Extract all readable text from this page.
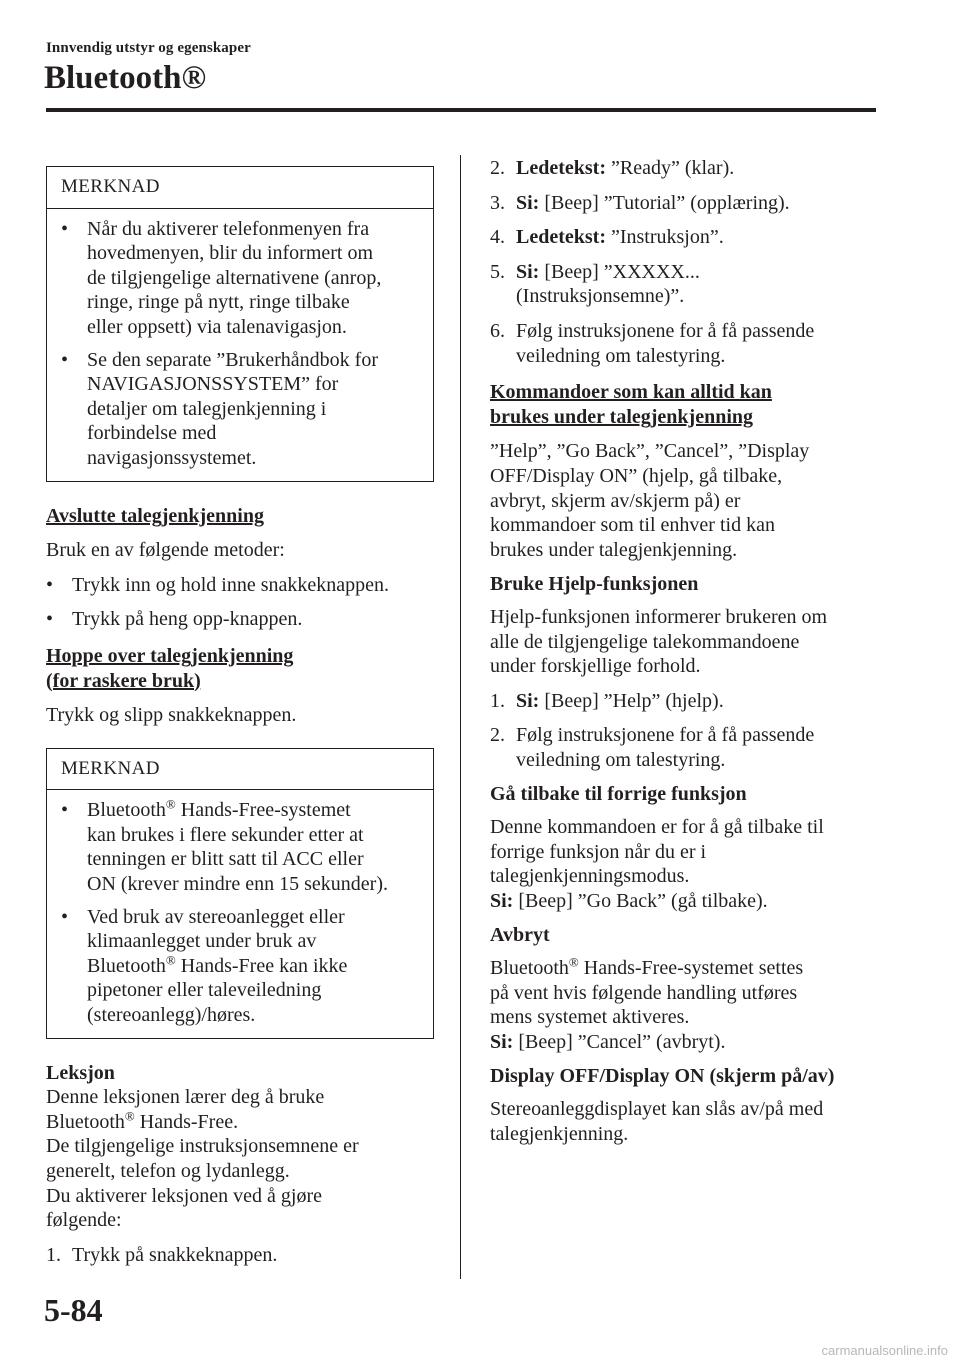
Innvendig utstyr og egenskaper
Bluetooth®
MERKNAD
• Når du aktiverer telefonmenyen fra
hovedmenyen, blir du informert om
de tilgjengelige alternativene (anrop,
ringe, ringe på nytt, ringe tilbake
eller oppsett) via talenavigasjon.
• Se den separate ”Brukerhåndbok for
NAVIGASJONSSYSTEM” for
detaljer om talegjenkjenning i
forbindelse med
navigasjonssystemet.
Avslutte talegjenkjenning

Bruk en av følgende metoder:

• Trykk inn og hold inne snakkeknappen.
• Trykk på heng opp-knappen.
Hoppe over talegjenkjenning
(for raskere bruk)

Trykk og slipp snakkeknappen.

MERKNAD
• Bluetooth® Hands-Free-systemet
kan brukes i flere sekunder etter at
tenningen er blitt satt til ACC eller
ON (krever mindre enn 15 sekunder).
• Ved bruk av stereoanlegget eller
klimaanlegget under bruk av
Bluetooth® Hands-Free kan ikke
pipetoner eller taleveiledning
(stereoanlegg)/høres.
Leksjon
Denne leksjonen lærer deg å bruke
Bluetooth® Hands-Free.
De tilgjengelige instruksjonsemnene er
generelt, telefon og lydanlegg.
Du aktiverer leksjonen ved å gjøre
følgende:
1. Trykk på snakkeknappen.
2. Ledetekst: ”Ready” (klar).
3. Si: [Beep] ”Tutorial” (opplæring).
4. Ledetekst: ”Instruksjon”.
5. Si: [Beep] ”XXXXX...
(Instruksjonsemne)”.
6. Følg instruksjonene for å få passende
veiledning om talestyring.
Kommandoer som kan alltid kan
brukes under talegjenkjenning

”Help”, ”Go Back”, ”Cancel”, ”Display
OFF/Display ON” (hjelp, gå tilbake,
avbryt, skjerm av/skjerm på) er
kommandoer som til enhver tid kan
brukes under talegjenkjenning.

Bruke Hjelp-funksjonen

Hjelp-funksjonen informerer brukeren om
alle de tilgjengelige talekommandoene
under forskjellige forhold.

1. Si: [Beep] ”Help” (hjelp).
2. Følg instruksjonene for å få passende
veiledning om talestyring.
Gå tilbake til forrige funksjon

Denne kommandoen er for å gå tilbake til
forrige funksjon når du er i
talegjenkjenningsmodus.
Si: [Beep] ”Go Back” (gå tilbake).

Avbryt

Bluetooth® Hands-Free-systemet settes
på vent hvis følgende handling utføres
mens systemet aktiveres.
Si: [Beep] ”Cancel” (avbryt).

Display OFF/Display ON (skjerm på/av)

Stereoanleggdisplayet kan slås av/på med
talegjenkjenning.

5-84
carmanualsonline.info
